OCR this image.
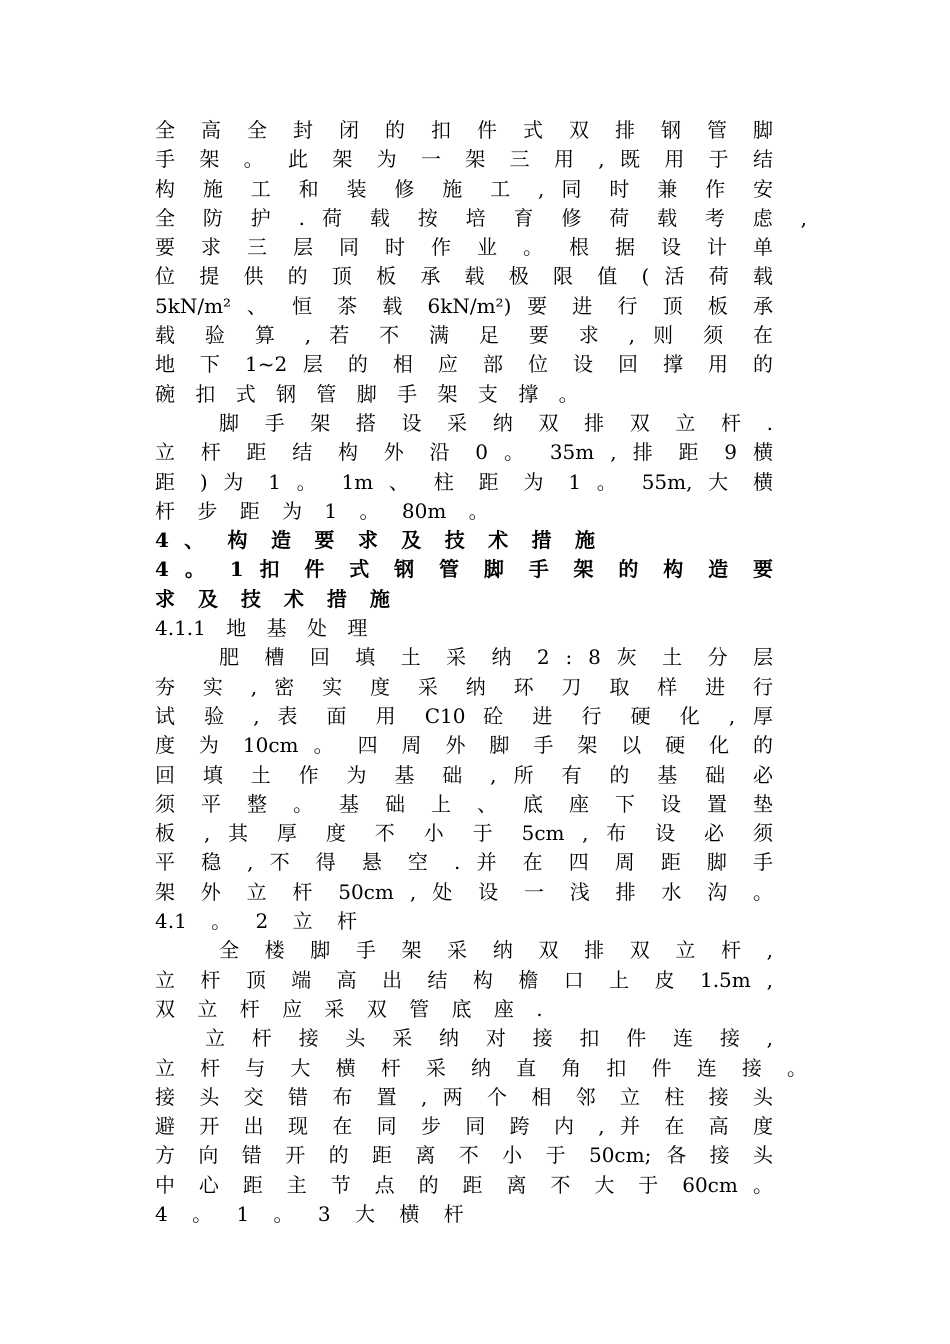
全 高 全 封 闭 的 扣 件 式 双 排 钢 管 脚
手 架 。 此 架 为 一 架 三 用 , 既 用 于 结
构 施 工 和 装 修 施 工 , 同 时 兼 作 安
全 防 护 . 荷 载 按 培 育 修 荷 载 考 虑 ,
要 求 三 层 同 时 作 业 。 根 据 设 计 单
位 提 供 的 顶 板 承 载 极 限 值 ( 活 荷 载
5kN/m² 、 恒 茶 载 6kN/m²) 要 进 行 顶 板 承
载 验 算 , 若 不 满 足 要 求 , 则 须 在
地 下 1~2 层 的 相 应 部 位 设 回 撑 用 的
碗 扣 式 钢 管 脚 手 架 支 撑 。
脚 手 架 搭 设 采 纳 双 排 双 立 杆 .
立 杆 距 结 构 外 沿 0 。 35m , 排 距 9 横
距 ) 为 1 。 1m 、 柱 距 为 1 。 55m, 大 横
杆 步 距 为 1 。 80m 。
4 、 构 造 要 求 及 技 术 措 施
4 。 1 扣 件 式 钢 管 脚 手 架 的 构 造 要
求 及 技 术 措 施
4.1.1 地 基 处 理
肥 槽 回 填 土 采 纳 2 : 8 灰 土 分 层
夯 实 , 密 实 度 采 纳 环 刀 取 样 进 行
试 验 , 表 面 用 C10 砼 进 行 硬 化 , 厚
度 为 10cm 。 四 周 外 脚 手 架 以 硬 化 的
回 填 土 作 为 基 础 , 所 有 的 基 础 必
须 平 整 。 基 础 上 、 底 座 下 设 置 垫
板 , 其 厚 度 不 小 于 5cm , 布 设 必 须
平 稳 , 不 得 悬 空 . 并 在 四 周 距 脚 手
架 外 立 杆 50cm , 处 设 一 浅 排 水 沟 。
4.1 。 2 立 杆
全 楼 脚 手 架 采 纳 双 排 双 立 杆 ,
立 杆 顶 端 高 出 结 构 檐 口 上 皮 1.5m ,
双 立 杆 应 采 双 管 底 座 .
立 杆 接 头 采 纳 对 接 扣 件 连 接 ,
立 杆 与 大 横 杆 采 纳 直 角 扣 件 连 接 。
接 头 交 错 布 置 , 两 个 相 邻 立 柱 接 头
避 开 出 现 在 同 步 同 跨 内 , 并 在 高 度
方 向 错 开 的 距 离 不 小 于 50cm; 各 接 头
中 心 距 主 节 点 的 距 离 不 大 于 60cm 。
4 。 1 。 3 大 横 杆
